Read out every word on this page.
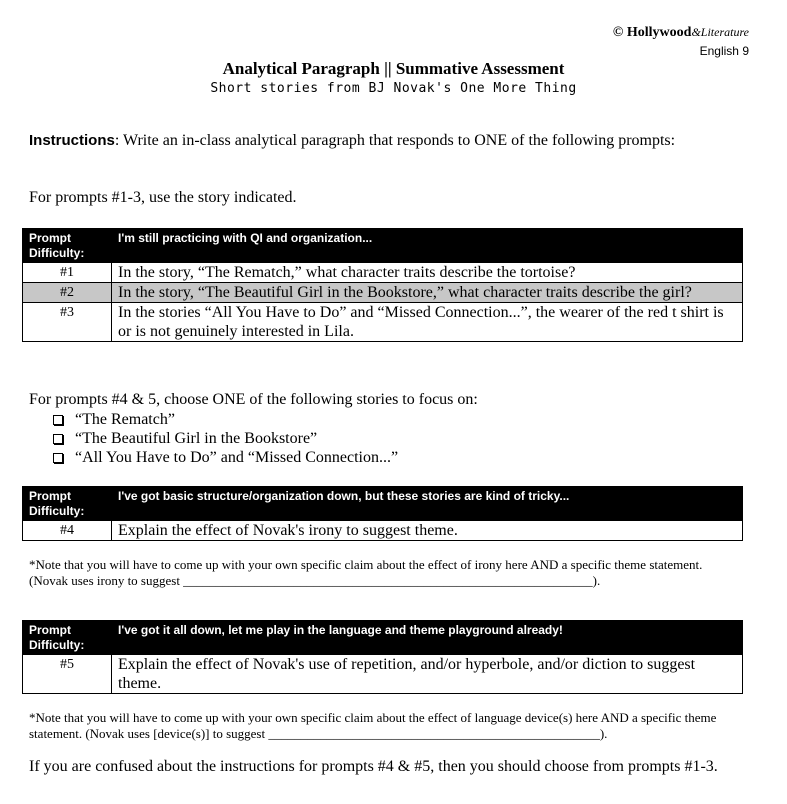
© Hollywood&Literature
English 9
Analytical Paragraph || Summative Assessment
Short stories from BJ Novak's One More Thing
Instructions: Write an in-class analytical paragraph that responds to ONE of the following prompts:
For prompts #1-3, use the story indicated.
Prompt Difficulty:	I'm still practicing with QI and organization...
#1	In the story, “The Rematch,” what character traits describe the tortoise?
#2	In the story, “The Beautiful Girl in the Bookstore,” what character traits describe the girl?
#3	In the stories “All You Have to Do” and “Missed Connection...”, the wearer of the red t shirt is or is not genuinely interested in Lila.
For prompts #4 & 5, choose ONE of the following stories to focus on:
“The Rematch”
“The Beautiful Girl in the Bookstore”
“All You Have to Do” and “Missed Connection...”
Prompt Difficulty:	I've got basic structure/organization down, but these stories are kind of tricky...
#4	Explain the effect of Novak's irony to suggest theme.
*Note that you will have to come up with your own specific claim about the effect of irony here AND a specific theme statement. (Novak uses irony to suggest _______________________________________________________________).
Prompt Difficulty:	I've got it all down, let me play in the language and theme playground already!
#5	Explain the effect of Novak's use of repetition, and/or hyperbole, and/or diction to suggest theme.
*Note that you will have to come up with your own specific claim about the effect of language device(s) here AND a specific theme statement. (Novak uses [device(s)] to suggest ___________________________________________________).
If you are confused about the instructions for prompts #4 & #5, then you should choose from prompts #1-3.
